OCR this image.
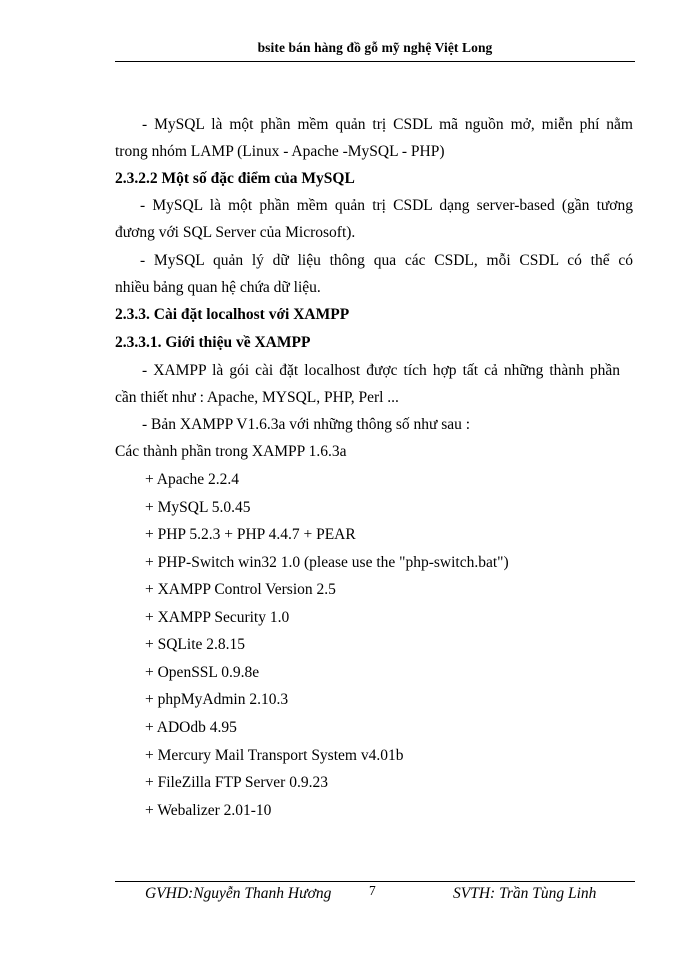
bsite bán hàng đồ gỗ mỹ nghệ Việt Long
- MySQL là một phần mềm quản trị CSDL mã nguồn mở, miễn phí nằm
trong nhóm LAMP (Linux - Apache -MySQL - PHP)
2.3.2.2 Một số đặc điểm của MySQL
- MySQL là một phần mềm quản trị CSDL dạng server-based (gần tương
đương với SQL Server của Microsoft).
- MySQL quản lý dữ liệu thông qua các CSDL, mỗi CSDL có thể có
nhiều bảng quan hệ chứa dữ liệu.
2.3.3. Cài đặt localhost với XAMPP
2.3.3.1. Giới thiệu về XAMPP
- XAMPP là gói cài đặt localhost được tích hợp tất cả những thành phần
cần thiết như : Apache, MYSQL, PHP, Perl ...
- Bản XAMPP V1.6.3a với những thông số như sau :
Các thành phần trong XAMPP 1.6.3a
+ Apache 2.2.4
+ MySQL 5.0.45
+ PHP 5.2.3 + PHP 4.4.7 + PEAR
+ PHP-Switch win32 1.0 (please use the "php-switch.bat")
+ XAMPP Control Version 2.5
+ XAMPP Security 1.0
+ SQLite 2.8.15
+ OpenSSL 0.9.8e
+ phpMyAdmin 2.10.3
+ ADOdb 4.95
+ Mercury Mail Transport System v4.01b
+ FileZilla FTP Server 0.9.23
+ Webalizer 2.01-10
GVHD:Nguyễn Thanh Hương	7	SVTH: Trần Tùng Linh
